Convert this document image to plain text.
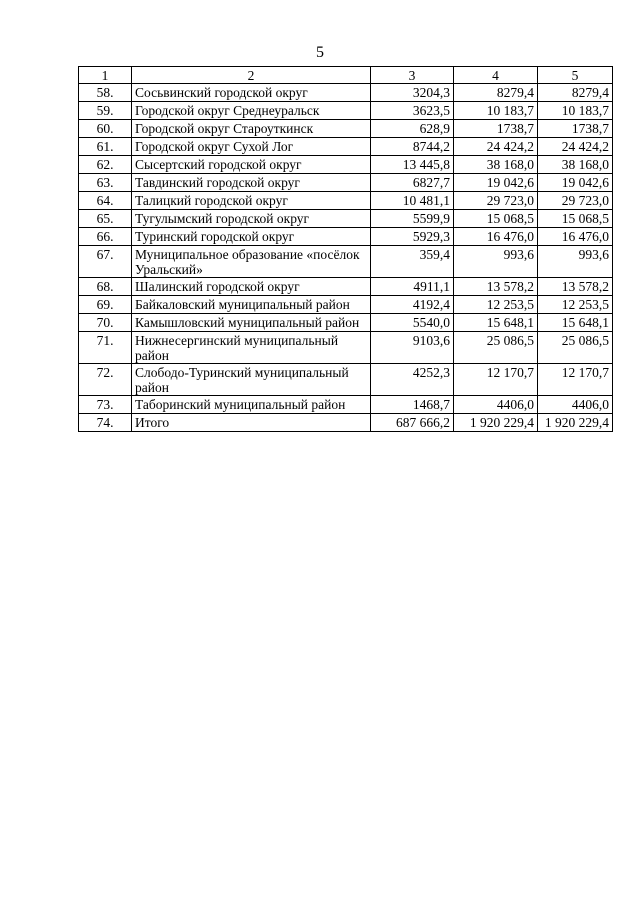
5
1	2	3	4	5
58.	Сосьвинский городской округ	3204,3	8279,4	8279,4
59.	Городской округ Среднеуральск	3623,5	10 183,7	10 183,7
60.	Городской округ Староуткинск	628,9	1738,7	1738,7
61.	Городской округ Сухой Лог	8744,2	24 424,2	24 424,2
62.	Сысертский городской округ	13 445,8	38 168,0	38 168,0
63.	Тавдинский городской округ	6827,7	19 042,6	19 042,6
64.	Талицкий городской округ	10 481,1	29 723,0	29 723,0
65.	Тугулымский городской округ	5599,9	15 068,5	15 068,5
66.	Туринский городской округ	5929,3	16 476,0	16 476,0
67.	Муниципальное образование «посёлок Уральский»	359,4	993,6	993,6
68.	Шалинский городской округ	4911,1	13 578,2	13 578,2
69.	Байкаловский муниципальный район	4192,4	12 253,5	12 253,5
70.	Камышловский муниципальный район	5540,0	15 648,1	15 648,1
71.	Нижнесергинский муниципальный район	9103,6	25 086,5	25 086,5
72.	Слободо-Туринский муниципальный район	4252,3	12 170,7	12 170,7
73.	Таборинский муниципальный район	1468,7	4406,0	4406,0
74.	Итого	687 666,2	1 920 229,4	1 920 229,4
